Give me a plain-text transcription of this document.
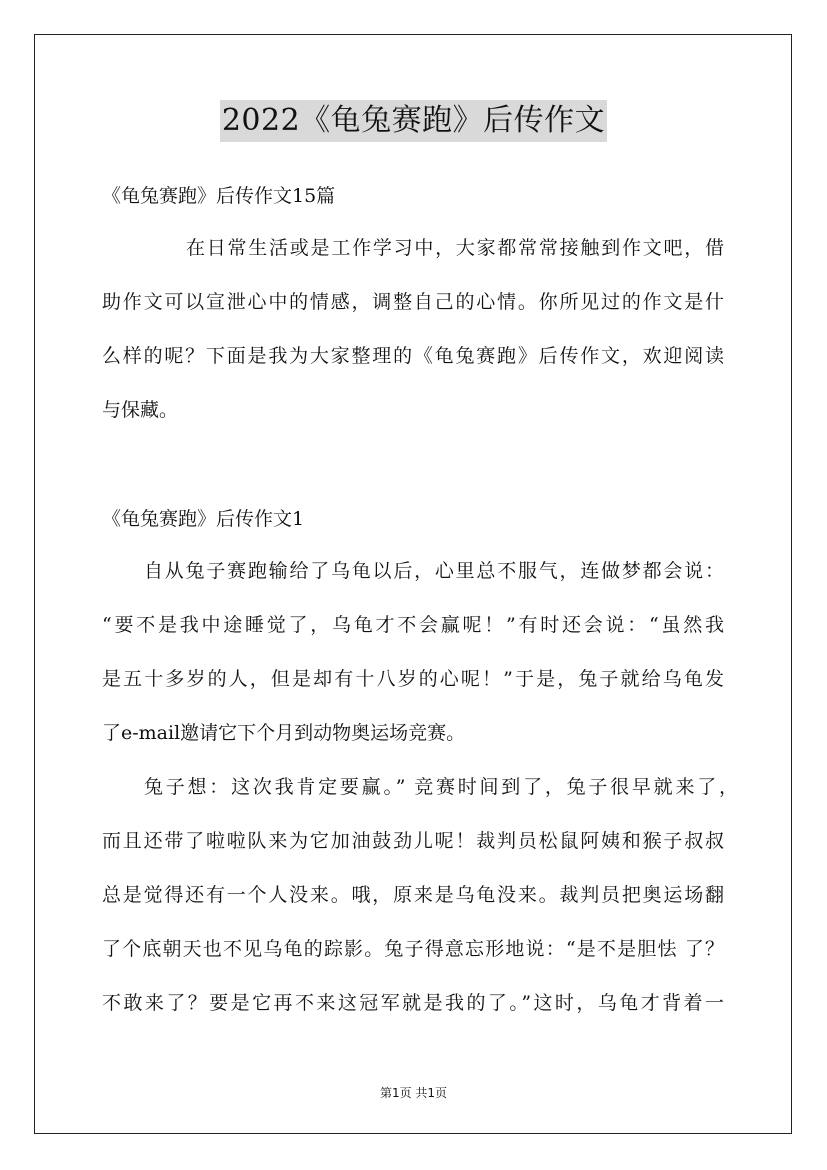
2022《龟兔赛跑》后传作文
《龟兔赛跑》后传作文15篇
在日常生活或是工作学习中，大家都常常接触到作文吧，借
助作文可以宣泄心中的情感，调整自己的心情。你所见过的作文是什
么样的呢？下面是我为大家整理的《龟兔赛跑》后传作文，欢迎阅读
与保藏。
《龟兔赛跑》后传作文1
自从兔子赛跑输给了乌龟以后，心里总不服气，连做梦都会说：
“要不是我中途睡觉了，乌龟才不会赢呢！”有时还会说：“虽然我
是五十多岁的人，但是却有十八岁的心呢！”于是，兔子就给乌龟发
了e-mail邀请它下个月到动物奥运场竞赛。
兔子想：这次我肯定要赢。” 竞赛时间到了，兔子很早就来了，
而且还带了啦啦队来为它加油鼓劲儿呢！裁判员松鼠阿姨和猴子叔叔
总是觉得还有一个人没来。哦，原来是乌龟没来。裁判员把奥运场翻
了个底朝天也不见乌龟的踪影。兔子得意忘形地说：“是不是胆怯 了？
不敢来了？要是它再不来这冠军就是我的了。”这时，乌龟才背着一
第1页 共1页
